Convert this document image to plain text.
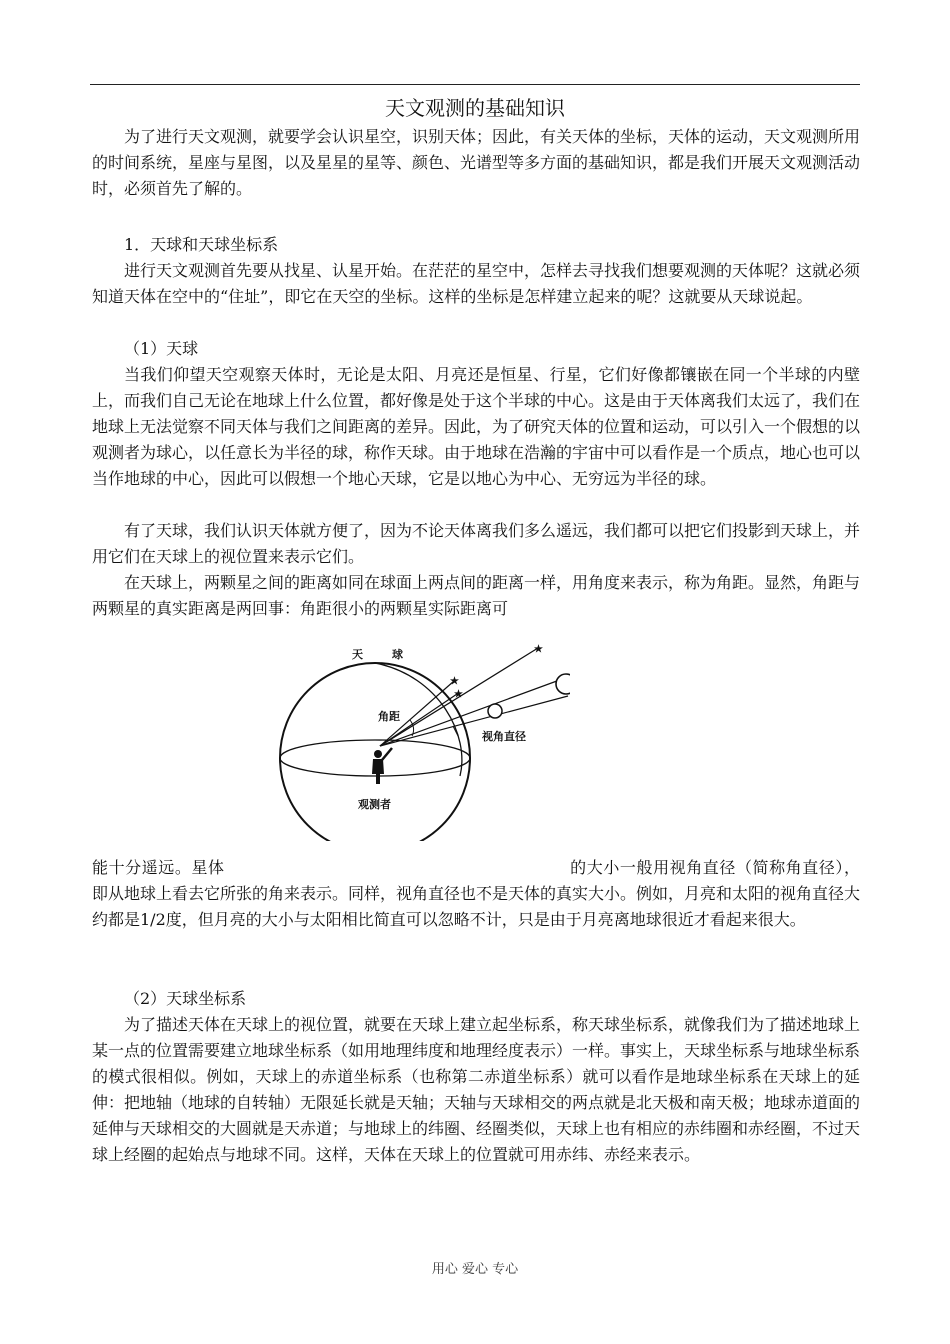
天文观测的基础知识

为了进行天文观测，就要学会认识星空，识别天体；因此，有关天体的坐标，天体的运动，天文观测所用的时间系统，星座与星图，以及星星的星等、颜色、光谱型等多方面的基础知识，都是我们开展天文观测活动时，必须首先了解的。

1．天球和天球坐标系

进行天文观测首先要从找星、认星开始。在茫茫的星空中，怎样去寻找我们想要观测的天体呢？这就必须知道天体在空中的“住址”，即它在天空的坐标。这样的坐标是怎样建立起来的呢？这就要从天球说起。

（1）天球

当我们仰望天空观察天体时，无论是太阳、月亮还是恒星、行星，它们好像都镶嵌在同一个半球的内壁上，而我们自己无论在地球上什么位置，都好像是处于这个半球的中心。这是由于天体离我们太远了，我们在地球上无法觉察不同天体与我们之间距离的差异。因此，为了研究天体的位置和运动，可以引入一个假想的以观测者为球心，以任意长为半径的球，称作天球。由于地球在浩瀚的宇宙中可以看作是一个质点，地心也可以当作地球的中心，因此可以假想一个地心天球，它是以地心为中心、无穷远为半径的球。

有了天球，我们认识天体就方便了，因为不论天体离我们多么遥远，我们都可以把它们投影到天球上，并用它们在天球上的视位置来表示它们。

在天球上，两颗星之间的距离如同在球面上两点间的距离一样，用角度来表示，称为角距。显然，角距与两颗星的真实距离是两回事：角距很小的两颗星实际距离可

★
★
★
天	球
角距
视角直径
观测者

能十分遥远。星体	的大小一般用视角直径（简称角直径），即从地球上看去它所张的角来表示。同样，视角直径也不是天体的真实大小。例如，月亮和太阳的视角直径大约都是1/2度，但月亮的大小与太阳相比简直可以忽略不计，只是由于月亮离地球很近才看起来很大。

（2）天球坐标系

为了描述天体在天球上的视位置，就要在天球上建立起坐标系，称天球坐标系，就像我们为了描述地球上某一点的位置需要建立地球坐标系（如用地理纬度和地理经度表示）一样。事实上，天球坐标系与地球坐标系的模式很相似。例如，天球上的赤道坐标系（也称第二赤道坐标系）就可以看作是地球坐标系在天球上的延伸：把地轴（地球的自转轴）无限延长就是天轴；天轴与天球相交的两点就是北天极和南天极；地球赤道面的延伸与天球相交的大圆就是天赤道；与地球上的纬圈、经圈类似，天球上也有相应的赤纬圈和赤经圈，不过天球上经圈的起始点与地球不同。这样，天体在天球上的位置就可用赤纬、赤经来表示。

用心 爱心 专心
